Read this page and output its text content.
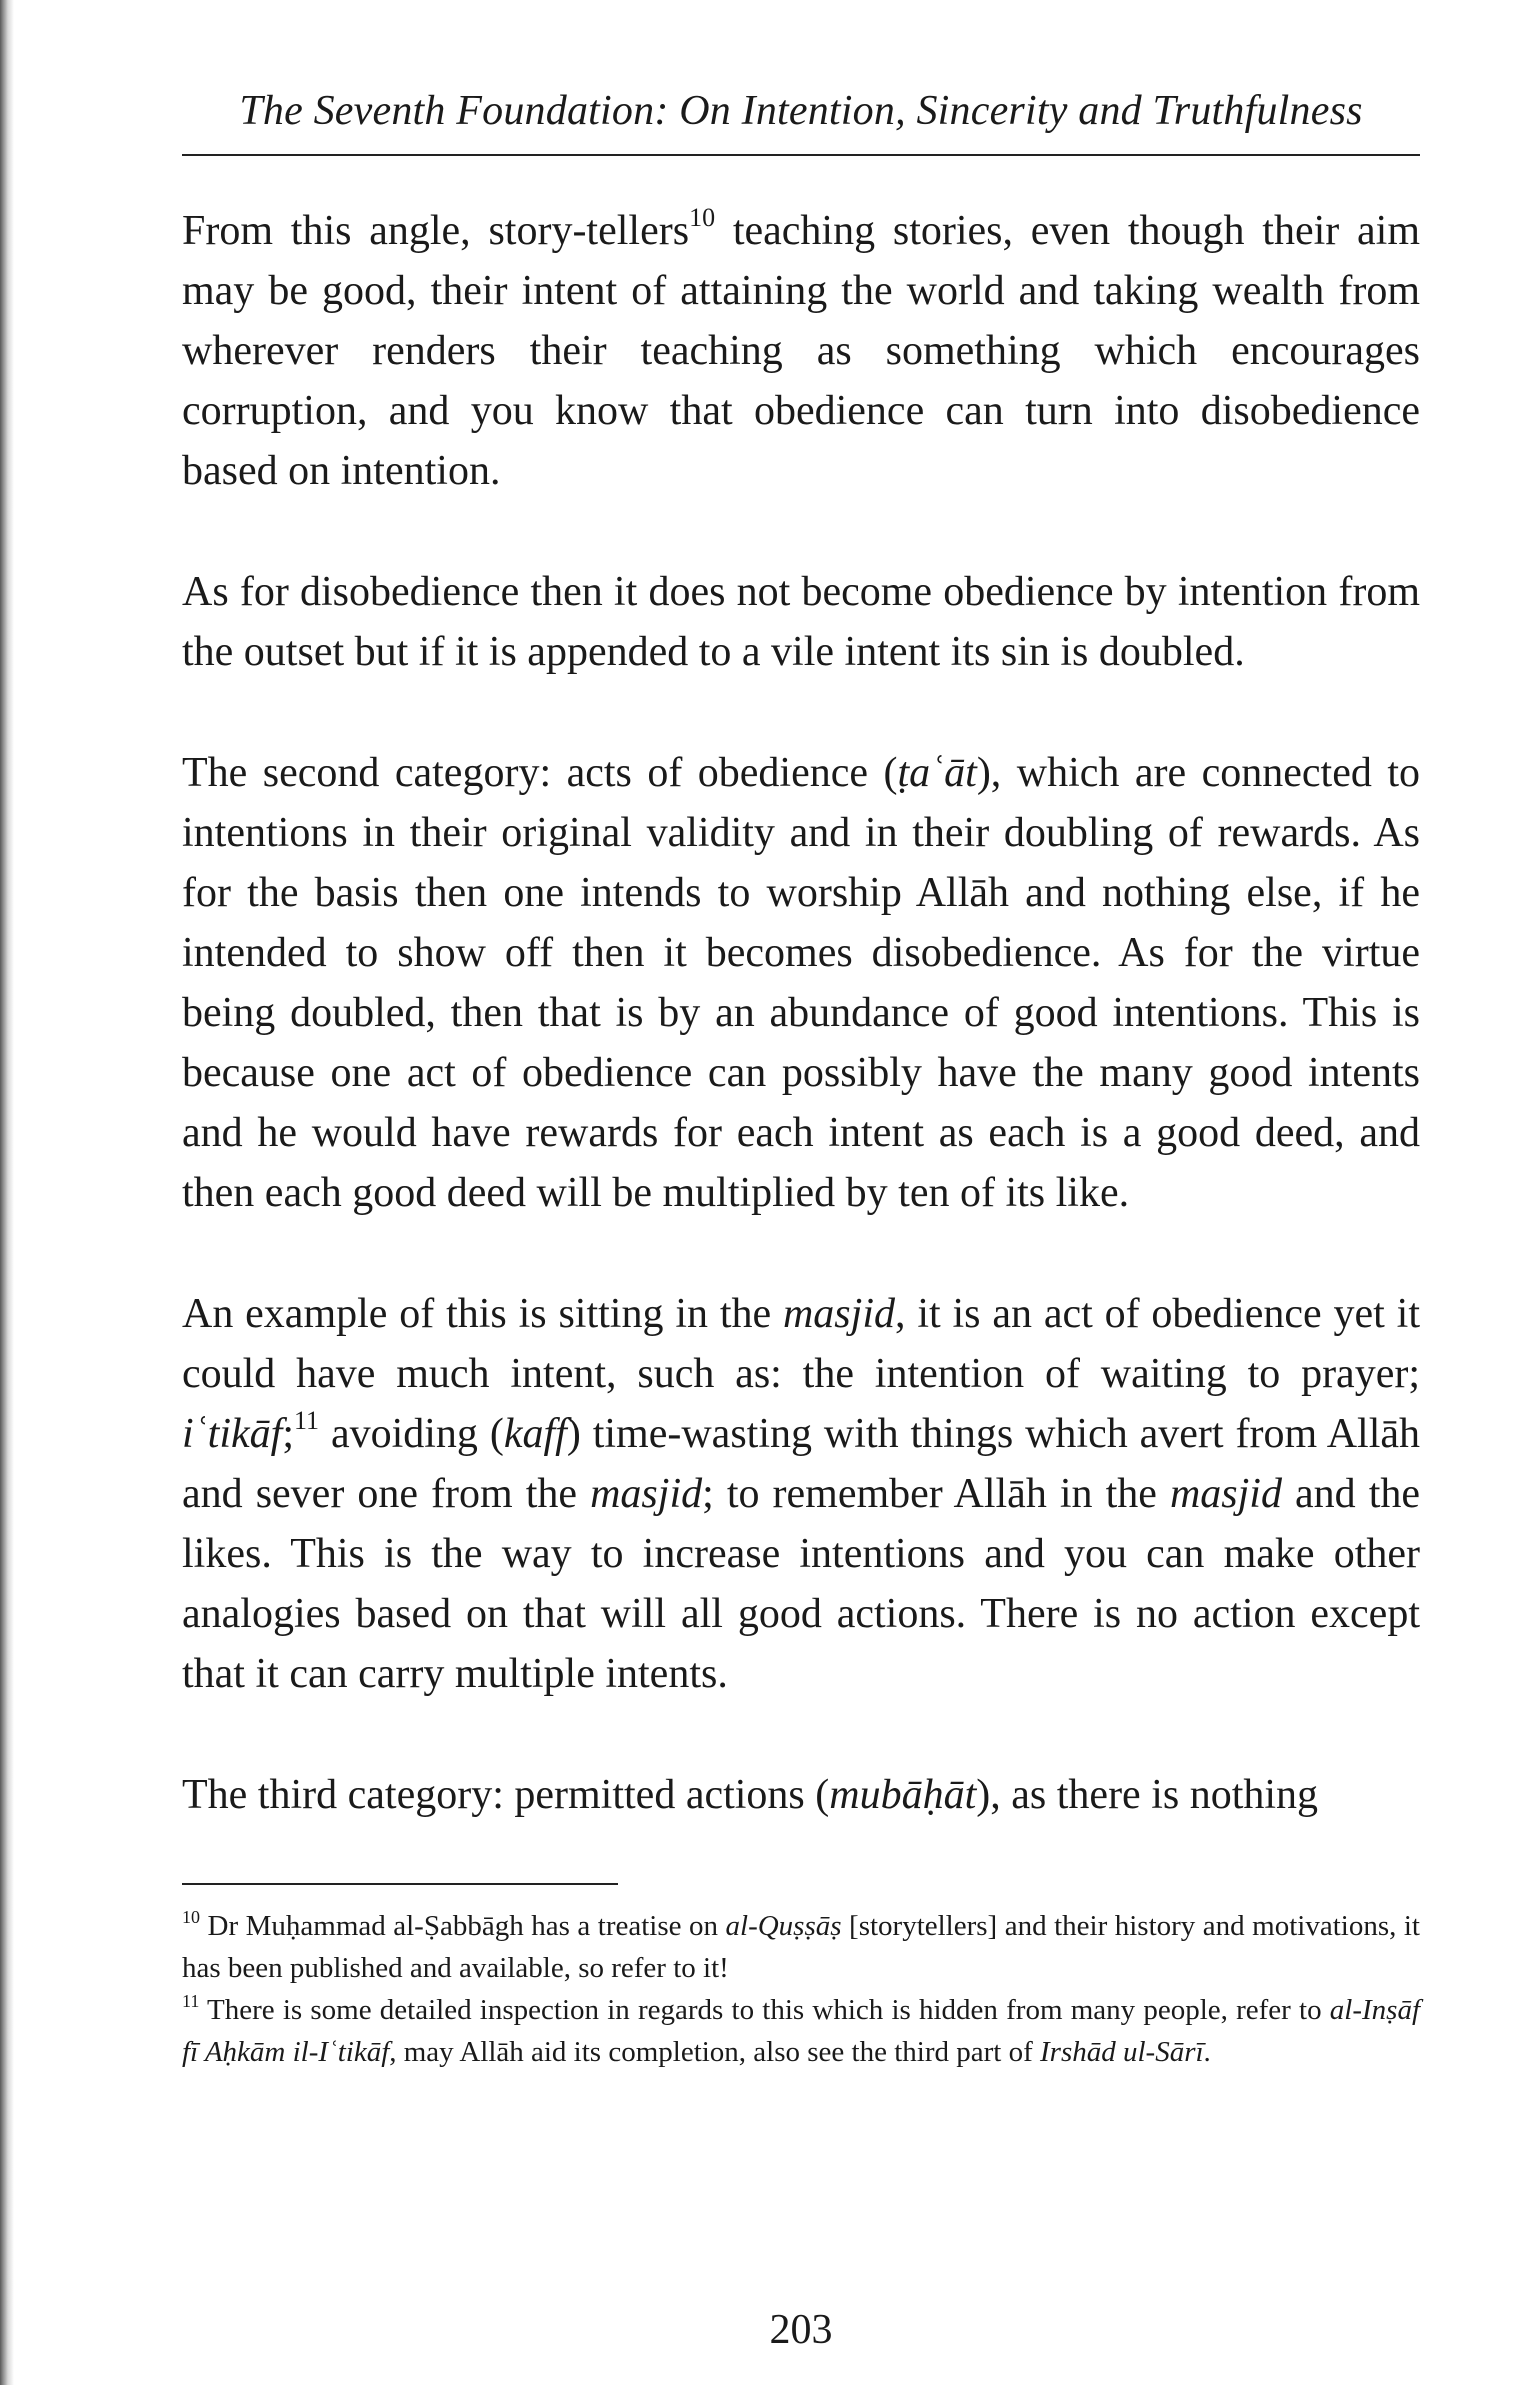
The Seventh Foundation: On Intention, Sincerity and Truthfulness

From this angle, story-tellers$^{10}$ teaching stories, even though their aim may be good, their intent of attaining the world and taking wealth from wherever renders their teaching as something which encourages corruption, and you know that obedience can turn into disobedience based on intention.

As for disobedience then it does not become obedience by intention from the outset but if it is appended to a vile intent its sin is doubled.

The second category: acts of obedience (ṭaʿāt), which are connected to intentions in their original validity and in their doubling of rewards. As for the basis then one intends to worship Allāh and nothing else, if he intended to show off then it becomes disobedience. As for the virtue being doubled, then that is by an abundance of good intentions. This is because one act of obedience can possibly have the many good intents and he would have rewards for each intent as each is a good deed, and then each good deed will be multiplied by ten of its like.

An example of this is sitting in the masjid, it is an act of obedience yet it could have much intent, such as: the intention of waiting to prayer; iʿtikāf;$^{11}$ avoiding (kaff) time-wasting with things which avert from Allāh and sever one from the masjid; to remember Allāh in the masjid and the likes. This is the way to increase intentions and you can make other analogies based on that will all good actions. There is no action except that it can carry multiple intents.

The third category: permitted actions (mubāḥāt), as there is nothing

$^{10}$ Dr Muḥammad al-Ṣabbāgh has a treatise on al-Quṣṣāṣ [storytellers] and their history and motivations, it has been published and available, so refer to it!

$^{11}$ There is some detailed inspection in regards to this which is hidden from many people, refer to al-Inṣāf fī Aḥkām il-Iʿtikāf, may Allāh aid its completion, also see the third part of Irshād ul-Sārī.

203
